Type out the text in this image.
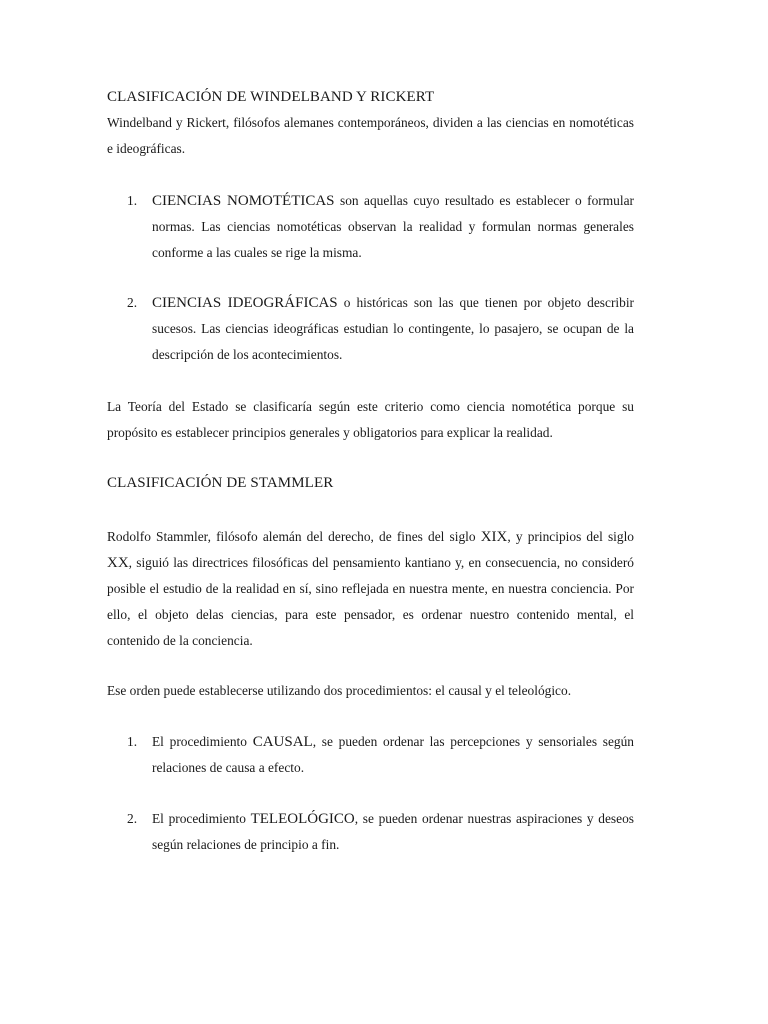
CLASIFICACIÓN DE WINDELBAND Y RICKERT

Windelband y Rickert, filósofos alemanes contemporáneos, dividen a las ciencias en nomotéticas e ideográficas.

1. CIENCIAS NOMOTÉTICAS son aquellas cuyo resultado es establecer o formular normas. Las ciencias nomotéticas observan la realidad y formulan normas generales conforme a las cuales se rige la misma.
2. CIENCIAS IDEOGRÁFICAS o históricas son las que tienen por objeto describir sucesos. Las ciencias ideográficas estudian lo contingente, lo pasajero, se ocupan de la descripción de los acontecimientos.

La Teoría del Estado se clasificaría según este criterio como ciencia nomotética porque su propósito es establecer principios generales y obligatorios para explicar la realidad.

CLASIFICACIÓN DE STAMMLER

Rodolfo Stammler, filósofo alemán del derecho, de fines del siglo XIX, y principios del siglo XX, siguió las directrices filosóficas del pensamiento kantiano y, en consecuencia, no consideró posible el estudio de la realidad en sí, sino reflejada en nuestra mente, en nuestra conciencia. Por ello, el objeto delas ciencias, para este pensador, es ordenar nuestro contenido mental, el contenido de la conciencia.

Ese orden puede establecerse utilizando dos procedimientos: el causal y el teleológico.

1. El procedimiento CAUSAL, se pueden ordenar las percepciones y sensoriales según relaciones de causa a efecto.
2. El procedimiento TELEOLÓGICO, se pueden ordenar nuestras aspiraciones y deseos según relaciones de principio a fin.
